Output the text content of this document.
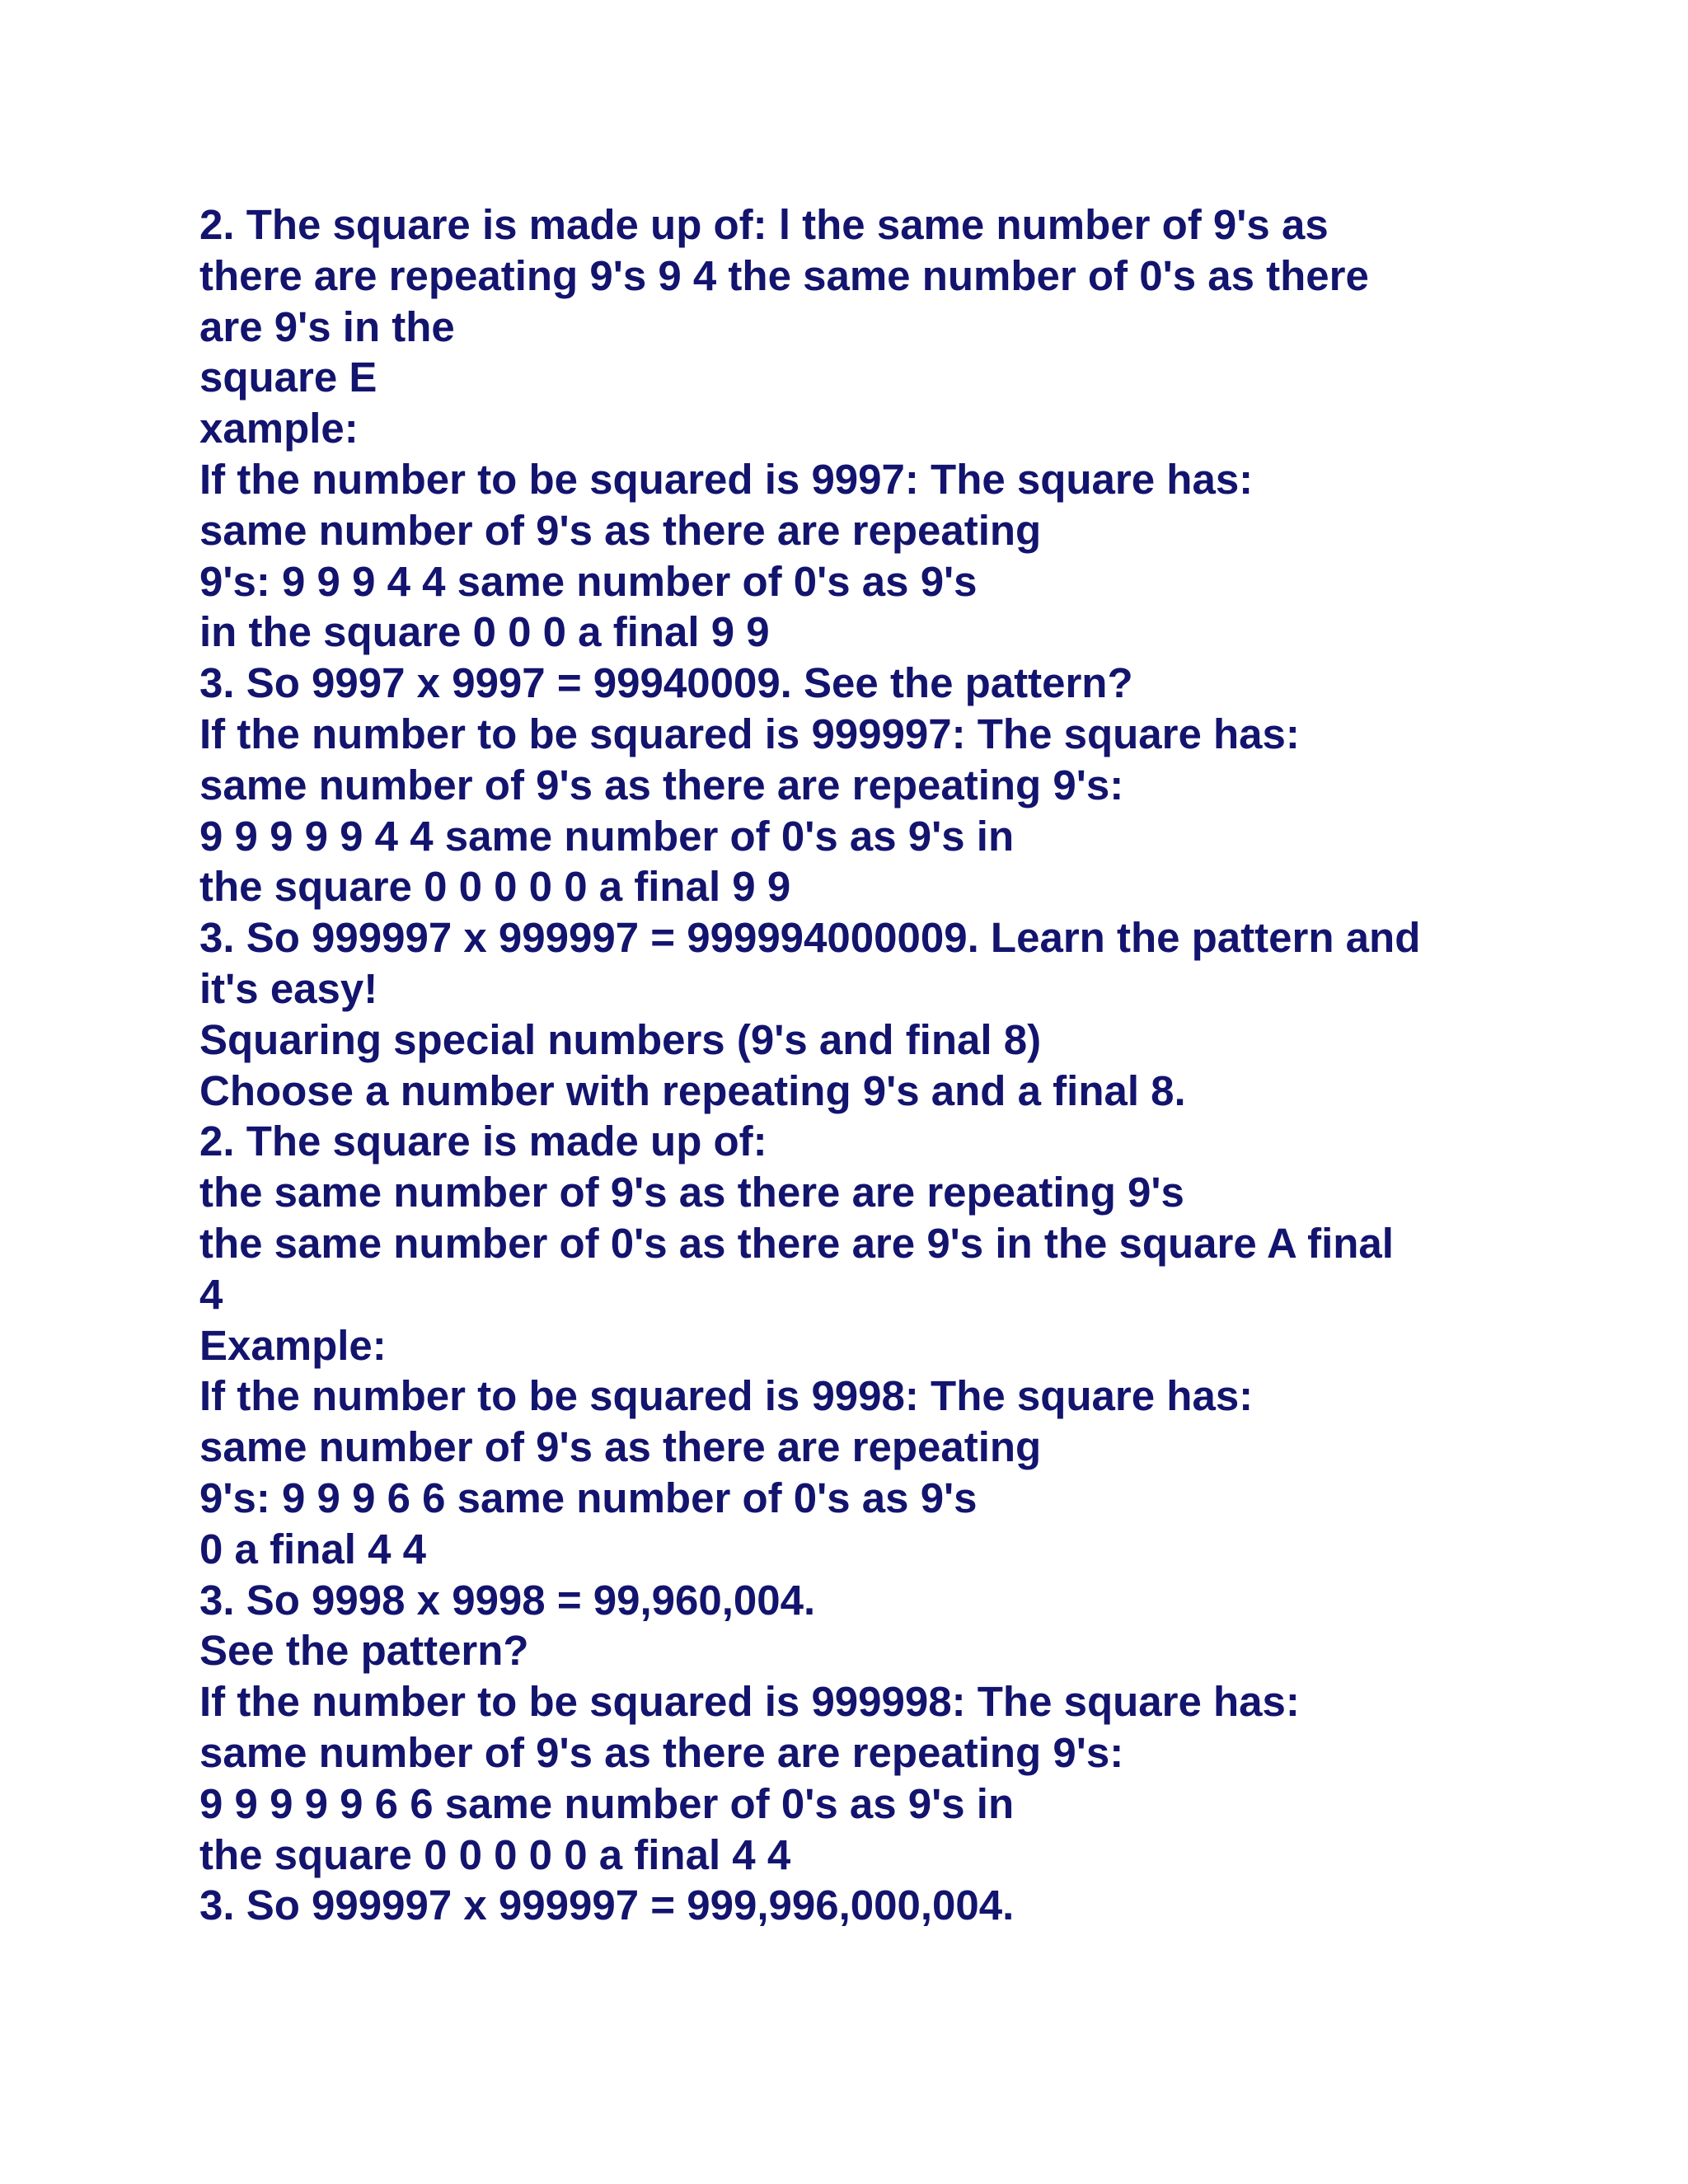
2. The square is made up of: l the same number of 9's as
there are repeating 9's 9 4 the same number of 0's as there
are 9's in the
square E
xample:
If the number to be squared is 9997: The square has:
same number of 9's as there are repeating
9's: 9 9 9 4 4 same number of 0's as 9's
in the square 0 0 0 a final 9 9
3. So 9997 x 9997 = 99940009. See the pattern?
If the number to be squared is 999997: The square has:
same number of 9's as there are repeating 9's:
9 9 9 9 9 4 4 same number of 0's as 9's in
the square 0 0 0 0 0 a final 9 9
3. So 999997 x 999997 = 999994000009. Learn the pattern and
it's easy!
Squaring special numbers (9's and final 8)
Choose a number with repeating 9's and a final 8.
2. The square is made up of:
the same number of 9's as there are repeating 9's
the same number of 0's as there are 9's in the square A final
4
Example:
If the number to be squared is 9998: The square has:
same number of 9's as there are repeating
9's: 9 9 9 6 6 same number of 0's as 9's
0 a final 4 4
3. So 9998 x 9998 = 99,960,004.
See the pattern?
If the number to be squared is 999998: The square has:
same number of 9's as there are repeating 9's:
9 9 9 9 9 6 6 same number of 0's as 9's in
the square 0 0 0 0 0 a final 4 4
3. So 999997 x 999997 = 999,996,000,004.
